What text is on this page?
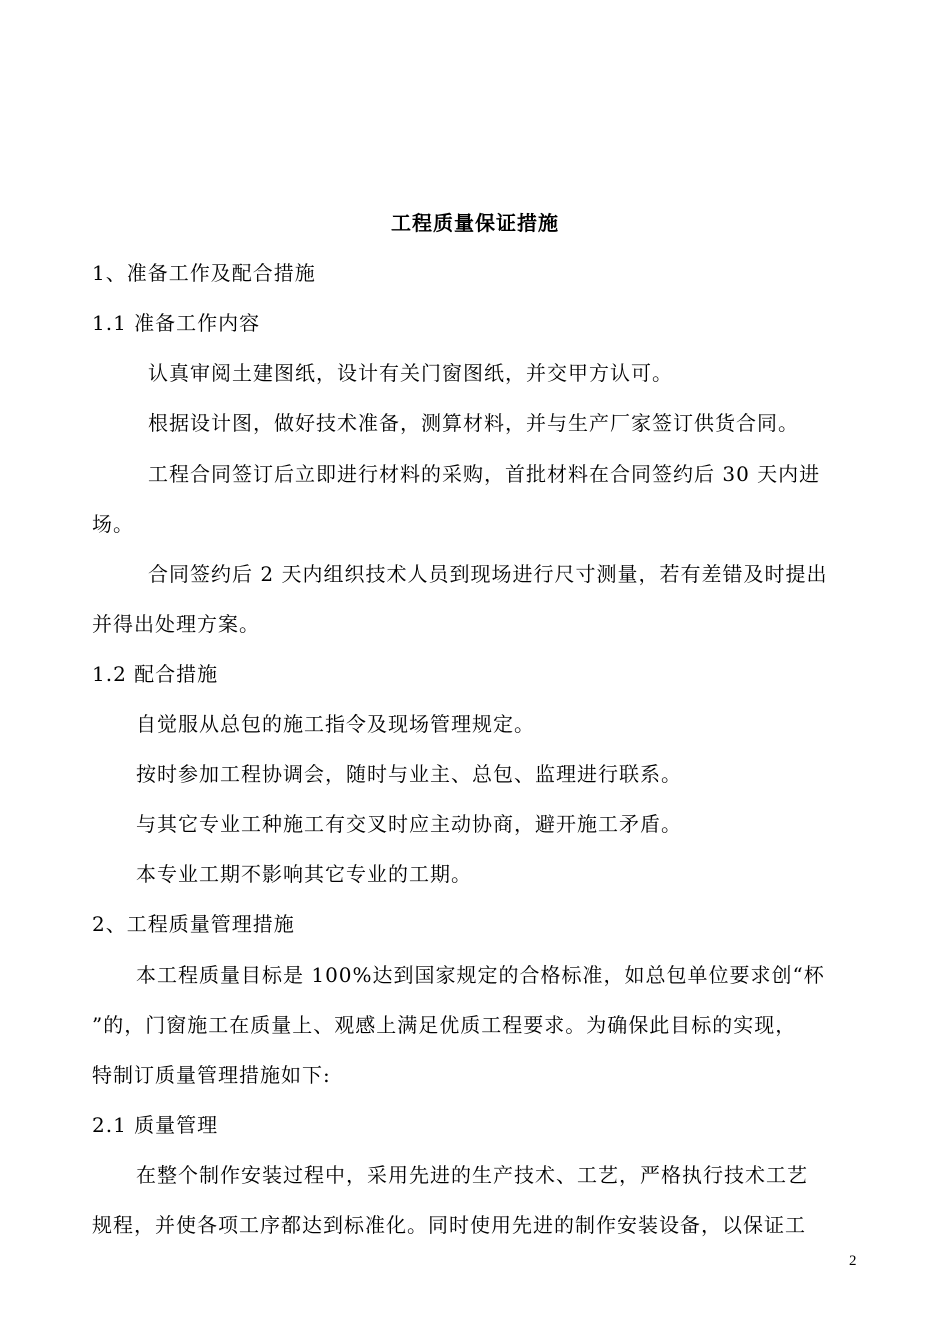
工程质量保证措施
1、准备工作及配合措施
1.1 准备工作内容
认真审阅土建图纸，设计有关门窗图纸，并交甲方认可。
根据设计图，做好技术准备，测算材料，并与生产厂家签订供货合同。
工程合同签订后立即进行材料的采购，首批材料在合同签约后 30 天内进
场。
合同签约后 2 天内组织技术人员到现场进行尺寸测量，若有差错及时提出
并得出处理方案。
1.2 配合措施
自觉服从总包的施工指令及现场管理规定。
按时参加工程协调会，随时与业主、总包、监理进行联系。
与其它专业工种施工有交叉时应主动协商，避开施工矛盾。
本专业工期不影响其它专业的工期。
2、工程质量管理措施
本工程质量目标是 100%达到国家规定的合格标准，如总包单位要求创“杯
”的，门窗施工在质量上、观感上满足优质工程要求。为确保此目标的实现，
特制订质量管理措施如下:
2.1 质量管理
在整个制作安装过程中，采用先进的生产技术、工艺，严格执行技术工艺
规程，并使各项工序都达到标准化。同时使用先进的制作安装设备，以保证工
2
